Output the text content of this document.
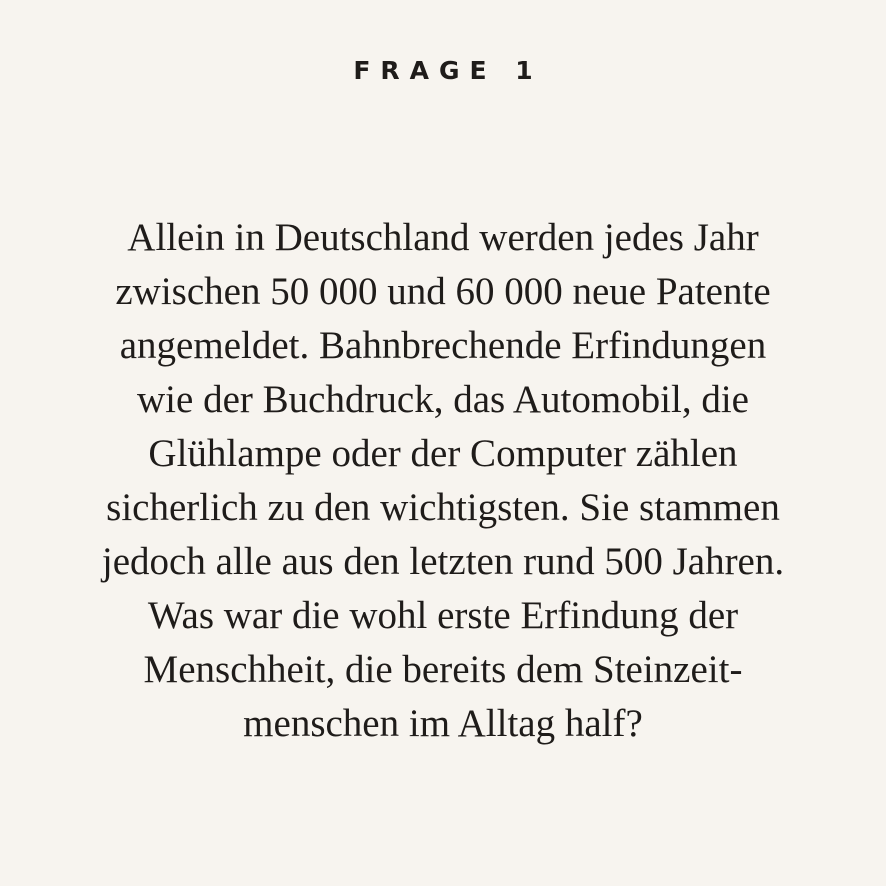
FRAGE 1

Allein in Deutschland werden jedes Jahr
zwischen 50 000 und 60 000 neue Patente
angemeldet. Bahnbrechende Erfindungen
wie der Buchdruck, das Automobil, die
Glühlampe oder der Computer zählen
sicherlich zu den wichtigsten. Sie stammen
jedoch alle aus den letzten rund 500 Jahren.
Was war die wohl erste Erfindung der
Menschheit, die bereits dem Steinzeit-
menschen im Alltag half?
